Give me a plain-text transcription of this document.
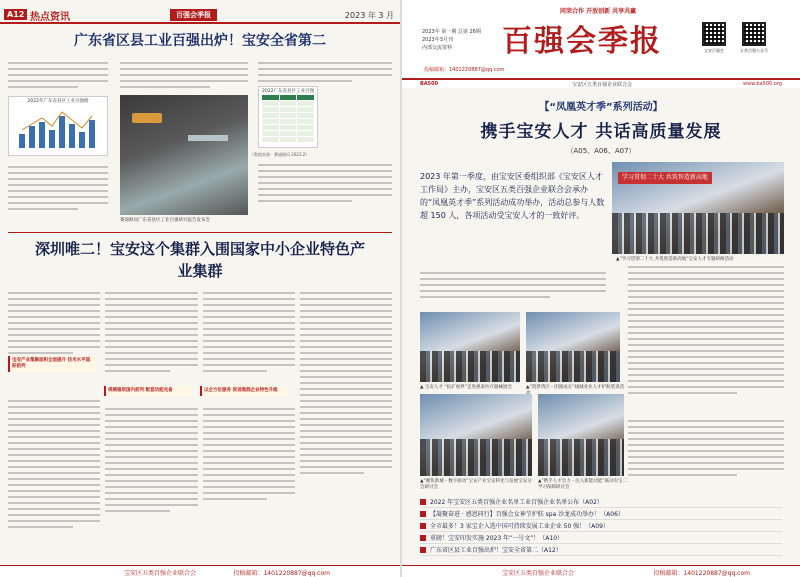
A12 热点资讯	百强会季报	2023 年 3 月
广东省区县工业百强出炉！宝安全省第二
2022年广东省县区工业百强榜
赛迪顾问广东省县区工业百强研究报告发布会
2022广东省县区工业百强
（数据来源：赛迪顾问 2023.2）
深圳唯二！宝安这个集群入围国家中小企业特色产业集群
宝安产业集聚面积全面提升 技术水平国际前列
规模稳居国内前列 配套功能完备	以全方位服务 促进集群企业特色升级
宝安区五类百强企业联合会	投稿邮箱：1401220887@qq.com
同荣合作 开放创新 共享共赢
2023年 第一期 总第 26期
2023年3月刊
内部交流资料	百强会季报	宝安百强会	五类百强公众号
投稿邮箱：1401220887@qq.com
BA500	宝安区五类百强企业联合会	www.ba500.org
【“凤凰英才季”系列活动】
携手宝安人才 共话高质量发展
（A05、A06、A07）
2023 年第一季度，由宝安区委组织部《宝安区人才工作局》主办，宝安区五类百强企业联合会承办的“凤凰英才季”系列活动成功举办，活动总参与人数超 150 人，各项活动受宝安人才的一致好评。
学习贯彻二十大 共筑智造新高地
▲“学习贯彻二十大 共筑智造新高地”宝安人才专题研修活动
▲ 宝安人才 “拓扩视界”走进惠泰医疗器械展会	▲“筑梦湾区・团圆成长”线城业业人才护航笔谈活
▲“聚焦新城・数字驱动”宝安产业宝安转化与发展宝安分会研讨会
▲“携手人才会力・注入新能动能”联动有宝二学习保障研讨会
2022 年宝安区五类百强企业名单工业百强企业名单公布（A02）
【凝聚奋进 · 感恩同行】百强会女神节护肤 spa 沙龙成功举办！（A06）
全市最多！3 家宝企入选中国可持续发展工业企业 50 强！（A09）
重磅！宝安印发实施 2023 年“一号文”！（A10）
广东省区县工业百强出炉！宝安全省第二（A12）
宝安区五类百强企业联合会	投稿邮箱：1401220887@qq.com
